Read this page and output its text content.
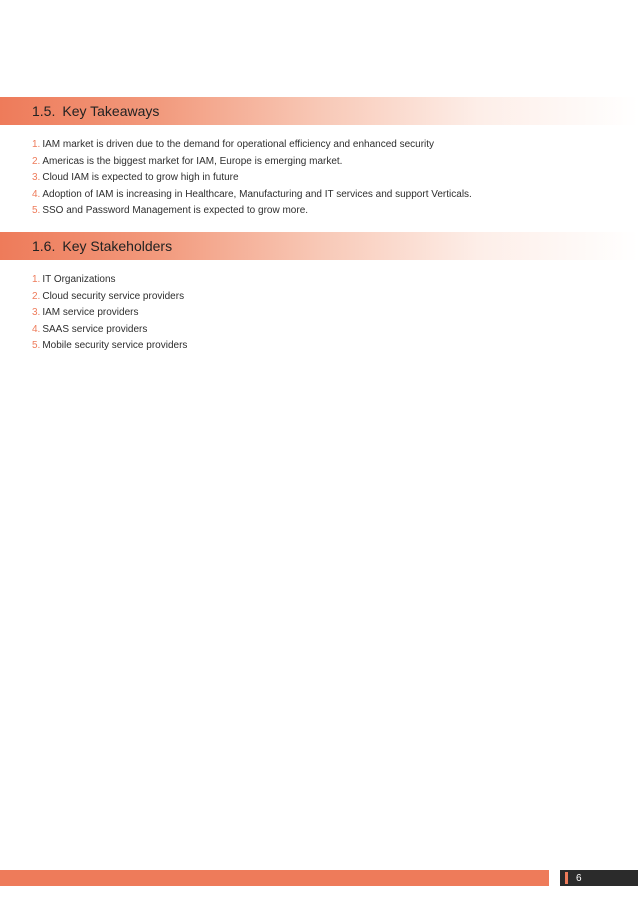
1.5. Key Takeaways
1. IAM market is driven due to the demand for operational efficiency and enhanced security
2. Americas is the biggest market for IAM, Europe is emerging market.
3. Cloud IAM is expected to grow high in future
4. Adoption of IAM is increasing in Healthcare, Manufacturing and IT services and support Verticals.
5. SSO and Password Management is expected to grow more.
1.6. Key Stakeholders
1. IT Organizations
2. Cloud security service providers
3. IAM service providers
4. SAAS service providers
5. Mobile security service providers
6
